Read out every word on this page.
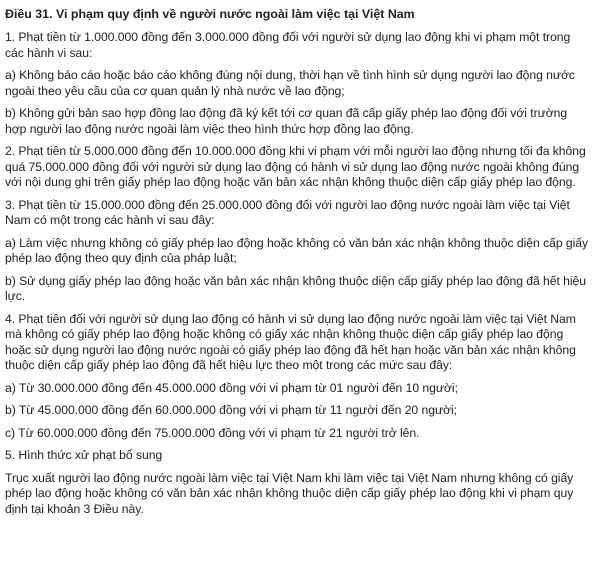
Điều 31. Vi phạm quy định về người nước ngoài làm việc tại Việt Nam

1. Phạt tiền từ 1.000.000 đồng đến 3.000.000 đồng đối với người sử dụng lao động khi vi phạm một trong các hành vi sau:

a) Không báo cáo hoặc báo cáo không đúng nội dung, thời hạn về tình hình sử dụng người lao động nước ngoài theo yêu cầu của cơ quan quản lý nhà nước về lao động;

b) Không gửi bản sao hợp đồng lao động đã ký kết tới cơ quan đã cấp giấy phép lao động đối với trường hợp người lao động nước ngoài làm việc theo hình thức hợp đồng lao động.

2. Phạt tiền từ 5.000.000 đồng đến 10.000.000 đồng khi vi phạm với mỗi người lao động nhưng tối đa không quá 75.000.000 đồng đối với người sử dụng lao động có hành vi sử dụng lao động nước ngoài không đúng với nội dung ghi trên giấy phép lao động hoặc văn bản xác nhận không thuộc diện cấp giấy phép lao động.

3. Phạt tiền từ 15.000.000 đồng đến 25.000.000 đồng đối với người lao động nước ngoài làm việc tại Việt Nam có một trong các hành vi sau đây:

a) Làm việc nhưng không có giấy phép lao động hoặc không có văn bản xác nhận không thuộc diện cấp giấy phép lao động theo quy định của pháp luật;

b) Sử dụng giấy phép lao động hoặc văn bản xác nhận không thuộc diện cấp giấy phép lao động đã hết hiệu lực.

4. Phạt tiền đối với người sử dụng lao động có hành vi sử dụng lao động nước ngoài làm việc tại Việt Nam mà không có giấy phép lao động hoặc không có giấy xác nhận không thuộc diện cấp giấy phép lao động hoặc sử dụng người lao động nước ngoài có giấy phép lao động đã hết hạn hoặc văn bản xác nhận không thuộc diện cấp giấy phép lao động đã hết hiệu lực theo một trong các mức sau đây:

a) Từ 30.000.000 đồng đến 45.000.000 đồng với vi phạm từ 01 người đến 10 người;

b) Từ 45.000.000 đồng đến 60.000.000 đồng với vi phạm từ 11 người đến 20 người;

c) Từ 60.000.000 đồng đến 75.000.000 đồng với vi phạm từ 21 người trở lên.

5. Hình thức xử phạt bổ sung

Trục xuất người lao động nước ngoài làm việc tại Việt Nam khi làm việc tại Việt Nam nhưng không có giấy phép lao động hoặc không có văn bản xác nhận không thuộc diện cấp giấy phép lao động khi vi phạm quy định tại khoản 3 Điều này.
